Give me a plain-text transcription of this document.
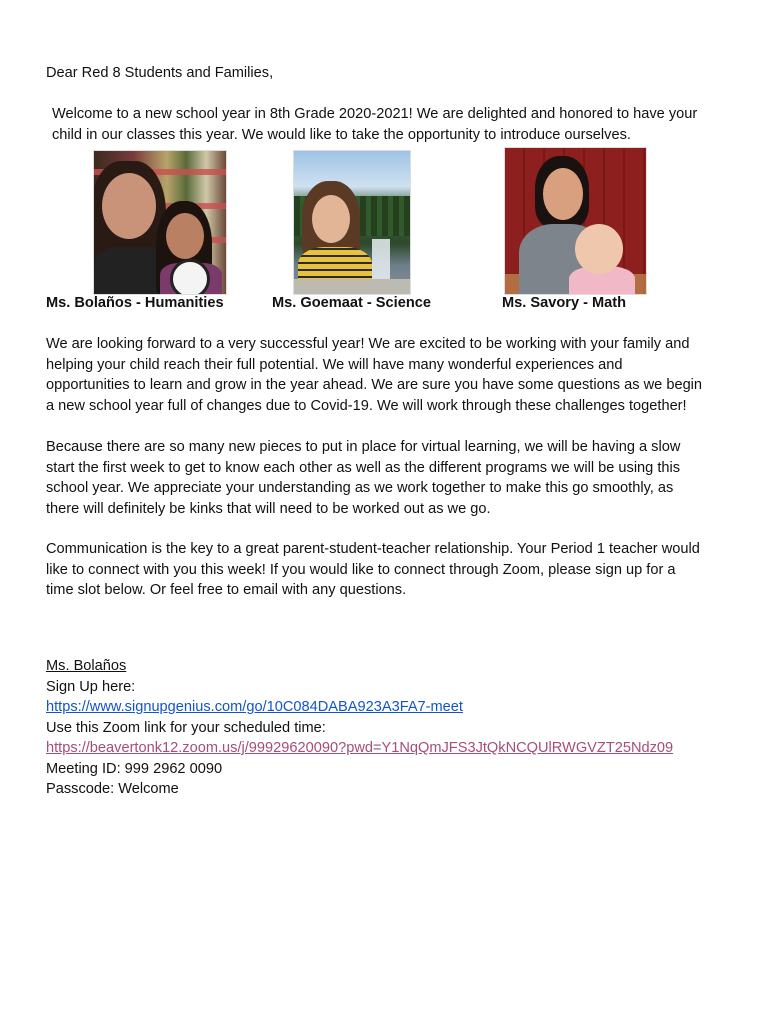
Dear Red 8 Students and Families,

Welcome to a new school year in 8th Grade 2020-2021! We are delighted and honored to have your
child in our classes this year. We would like to take the opportunity to introduce ourselves.

Ms. Bolaños - Humanities	Ms. Goemaat - Science	Ms. Savory - Math

We are looking forward to a very successful year! We are excited to be working with your family and
helping your child reach their full potential. We will have many wonderful experiences and
opportunities to learn and grow in the year ahead. We are sure you have some questions as we begin
a new school year full of changes due to Covid-19. We will work through these challenges together!

Because there are so many new pieces to put in place for virtual learning, we will be having a slow
start the first week to get to know each other as well as the different programs we will be using this
school year. We appreciate your understanding as we work together to make this go smoothly, as
there will definitely be kinks that will need to be worked out as we go.

Communication is the key to a great parent-student-teacher relationship. Your Period 1 teacher would
like to connect with you this week! If you would like to connect through Zoom, please sign up for a
time slot below. Or feel free to email with any questions.

Ms. Bolaños
Sign Up here:
https://www.signupgenius.com/go/10C084DABA923A3FA7-meet
Use this Zoom link for your scheduled time:
https://beavertonk12.zoom.us/j/99929620090?pwd=Y1NqQmJFS3JtQkNCQUlRWGVZT25Ndz09
Meeting ID: 999 2962 0090
Passcode: Welcome
